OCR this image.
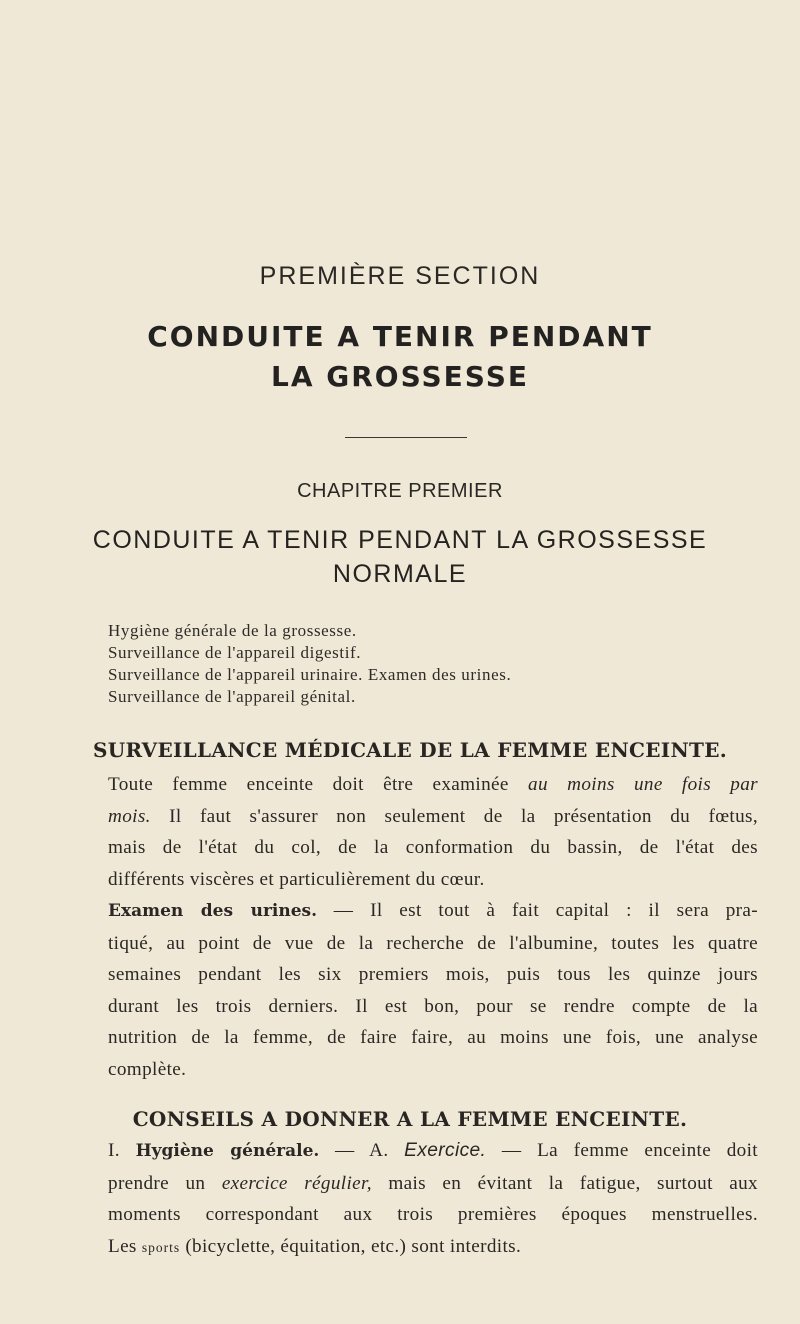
PREMIÈRE SECTION
CONDUITE A TENIR PENDANT
LA GROSSESSE
CHAPITRE PREMIER
CONDUITE A TENIR PENDANT LA GROSSESSE
NORMALE
Hygiène générale de la grossesse.
Surveillance de l'appareil digestif.
Surveillance de l'appareil urinaire. Examen des urines.
Surveillance de l'appareil génital.
SURVEILLANCE MÉDICALE DE LA FEMME ENCEINTE.
Toute femme enceinte doit être examinée au moins une fois par
mois. Il faut s'assurer non seulement de la présentation du fœtus,
mais de l'état du col, de la conformation du bassin, de l'état des
différents viscères et particulièrement du cœur.
Examen des urines. — Il est tout à fait capital : il sera pra-
tiqué, au point de vue de la recherche de l'albumine, toutes les quatre
semaines pendant les six premiers mois, puis tous les quinze jours
durant les trois derniers. Il est bon, pour se rendre compte de la
nutrition de la femme, de faire faire, au moins une fois, une analyse
complète.
CONSEILS A DONNER A LA FEMME ENCEINTE.
I. Hygiène générale. — A. Exercice. — La femme enceinte doit
prendre un exercice régulier, mais en évitant la fatigue, surtout aux
moments correspondant aux trois premières époques menstruelles.
Les sports (bicyclette, équitation, etc.) sont interdits.
